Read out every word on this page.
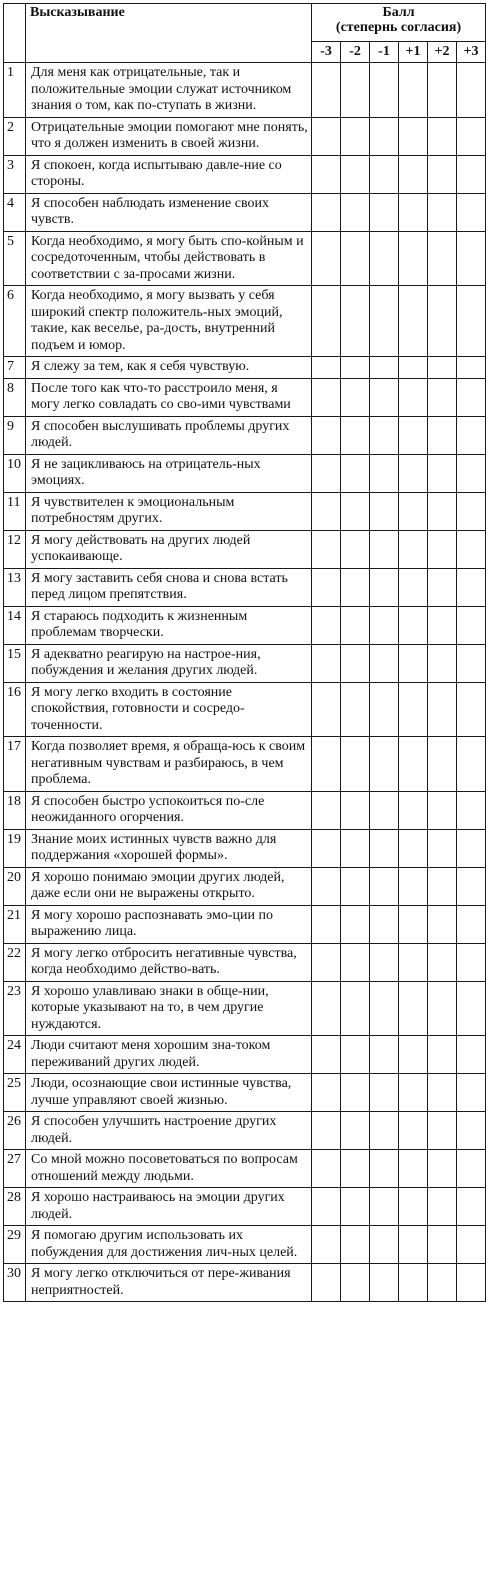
	Высказывание	Балл
(степернь согласия)					

		-3	-2	-1	+1	+2	+3
1	Для меня как отрицательные, так и положительные эмоции служат источником знания о том, как по-ступать в жизни.						
2	Отрицательные эмоции помогают мне понять, что я должен изменить в своей жизни.						
3	Я спокоен, когда испытываю давле-ние со стороны.						
4	Я способен наблюдать изменение своих чувств.						
5	Когда необходимо, я могу быть спо-койным и сосредоточенным, чтобы действовать в соответствии с за-просами жизни.						
6	Когда необходимо, я могу вызвать у себя широкий спектр положитель-ных эмоций, такие, как веселье, ра-дость, внутренний подъем и юмор.						
7	Я слежу за тем, как я себя чувствую.						
8	После того как что-то расстроило меня, я могу легко совладать со сво-ими чувствами						
9	Я способен выслушивать проблемы других людей.						
10	Я не зацикливаюсь на отрицатель-ных эмоциях.						
11	Я чувствителен к эмоциональным потребностям других.						
12	Я могу действовать на других людей успокаивающе.						
13	Я могу заставить себя снова и снова встать перед лицом препятствия.						
14	Я стараюсь подходить к жизненным проблемам творчески.						
15	Я адекватно реагирую на настрое-ния, побуждения и желания других людей.						
16	Я могу легко входить в состояние спокойствия, готовности и сосредо-точенности.						
17	Когда позволяет время, я обраща-юсь к своим негативным чувствам и разбираюсь, в чем проблема.						
18	Я способен быстро успокоиться по-сле неожиданного огорчения.						
19	Знание моих истинных чувств важно для поддержания «хорошей формы».						
20	Я хорошо понимаю эмоции других людей, даже если они не выражены открыто.						
21	Я могу хорошо распознавать эмо-ции по выражению лица.						
22	Я могу легко отбросить негативные чувства, когда необходимо действо-вать.						
23	Я хорошо улавливаю знаки в обще-нии, которые указывают на то, в чем другие нуждаются.						
24	Люди считают меня хорошим зна-током переживаний других людей.						
25	Люди, осознающие свои истинные чувства, лучше управляют своей жизнью.						
26	Я способен улучшить настроение других людей.						
27	Со мной можно посоветоваться по вопросам отношений между людьми.						
28	Я хорошо настраиваюсь на эмоции других людей.						
29	Я помогаю другим использовать их побуждения для достижения лич-ных целей.						
30	Я могу легко отключиться от пере-живания неприятностей.						
